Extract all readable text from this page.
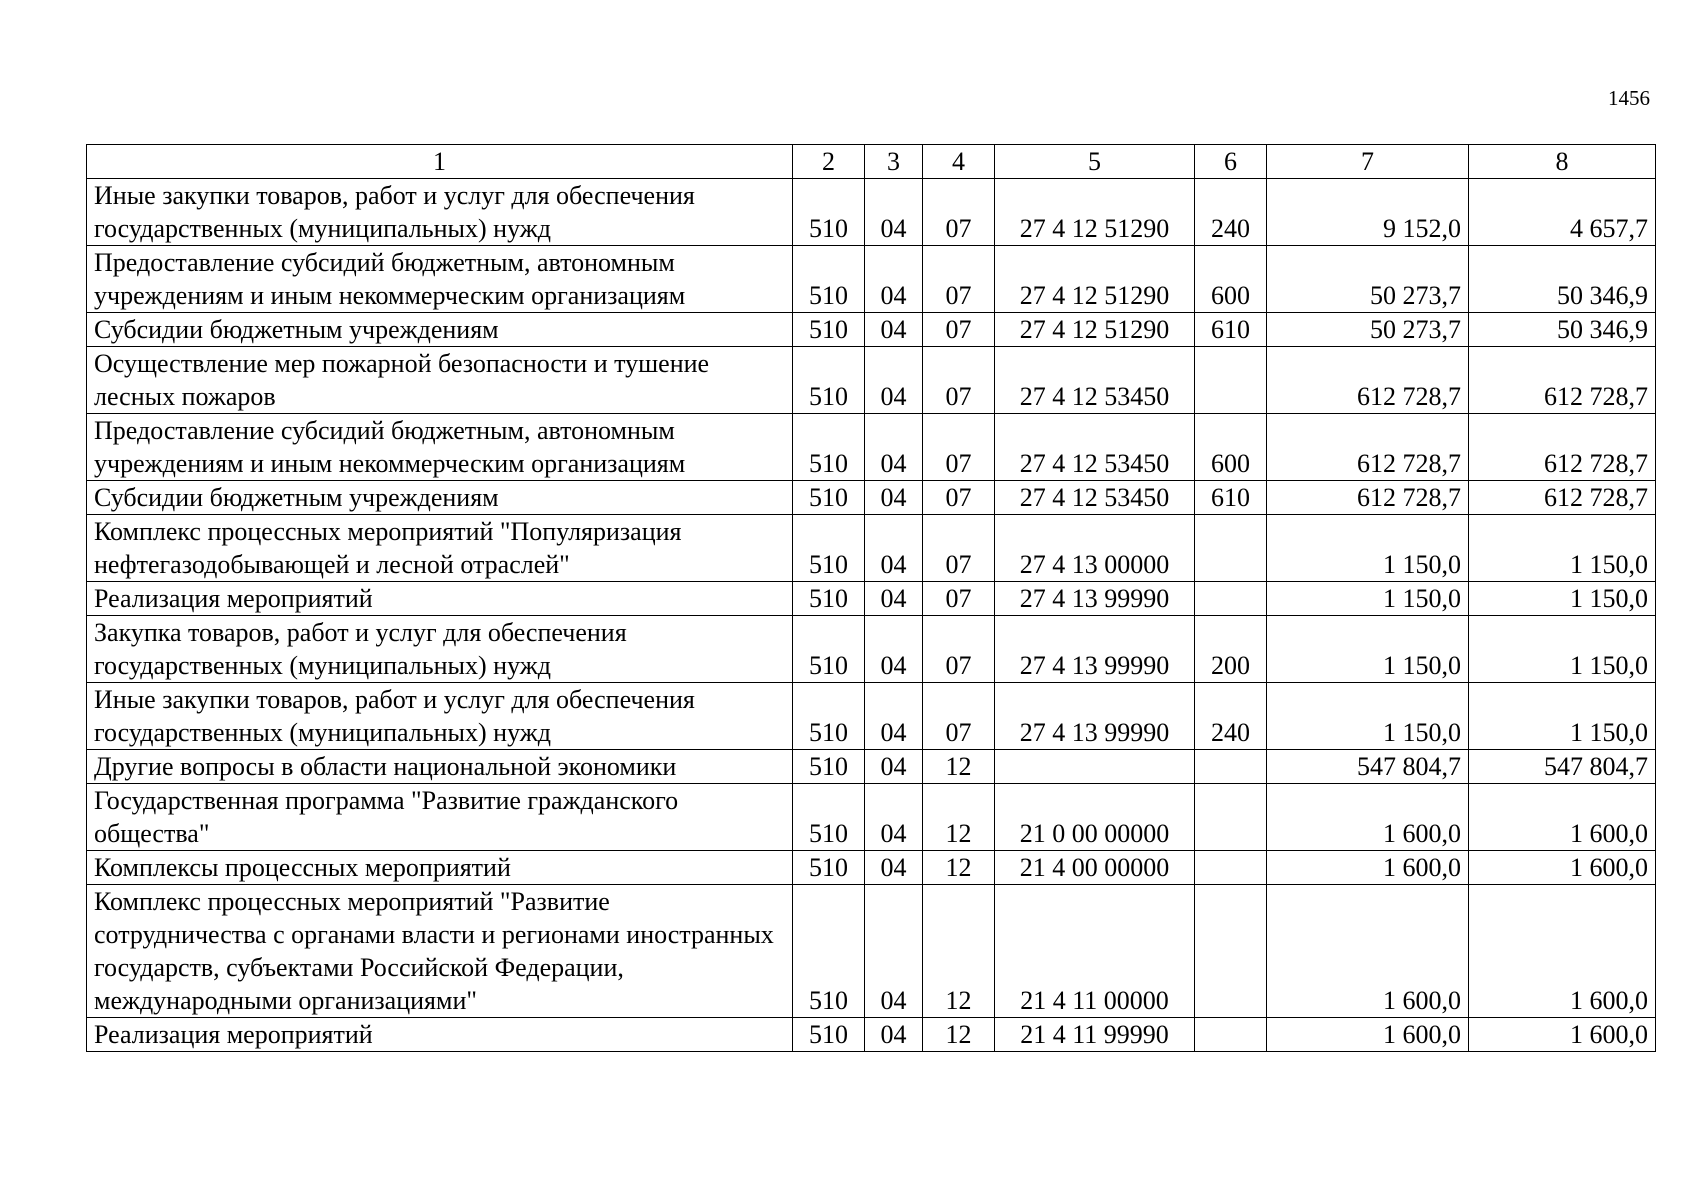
1456
1	2	3	4	5	6	7	8
Иные закупки товаров, работ и услуг для обеспечения государственных (муниципальных) нужд	510	04	07	27 4 12 51290	240	9 152,0	4 657,7
Предоставление субсидий бюджетным, автономным учреждениям и иным некоммерческим организациям	510	04	07	27 4 12 51290	600	50 273,7	50 346,9
Субсидии бюджетным учреждениям	510	04	07	27 4 12 51290	610	50 273,7	50 346,9
Осуществление мер пожарной безопасности и тушение лесных пожаров	510	04	07	27 4 12 53450		612 728,7	612 728,7
Предоставление субсидий бюджетным, автономным учреждениям и иным некоммерческим организациям	510	04	07	27 4 12 53450	600	612 728,7	612 728,7
Субсидии бюджетным учреждениям	510	04	07	27 4 12 53450	610	612 728,7	612 728,7
Комплекс процессных мероприятий "Популяризация нефтегазодобывающей и лесной отраслей"	510	04	07	27 4 13 00000		1 150,0	1 150,0
Реализация мероприятий	510	04	07	27 4 13 99990		1 150,0	1 150,0
Закупка товаров, работ и услуг для обеспечения государственных (муниципальных) нужд	510	04	07	27 4 13 99990	200	1 150,0	1 150,0
Иные закупки товаров, работ и услуг для обеспечения государственных (муниципальных) нужд	510	04	07	27 4 13 99990	240	1 150,0	1 150,0
Другие вопросы в области национальной экономики	510	04	12			547 804,7	547 804,7
Государственная программа "Развитие гражданского общества"	510	04	12	21 0 00 00000		1 600,0	1 600,0
Комплексы процессных мероприятий	510	04	12	21 4 00 00000		1 600,0	1 600,0
Комплекс процессных мероприятий "Развитие сотрудничества с органами власти и регионами иностранных государств, субъектами Российской Федерации, международными организациями"	510	04	12	21 4 11 00000		1 600,0	1 600,0
Реализация мероприятий	510	04	12	21 4 11 99990		1 600,0	1 600,0
